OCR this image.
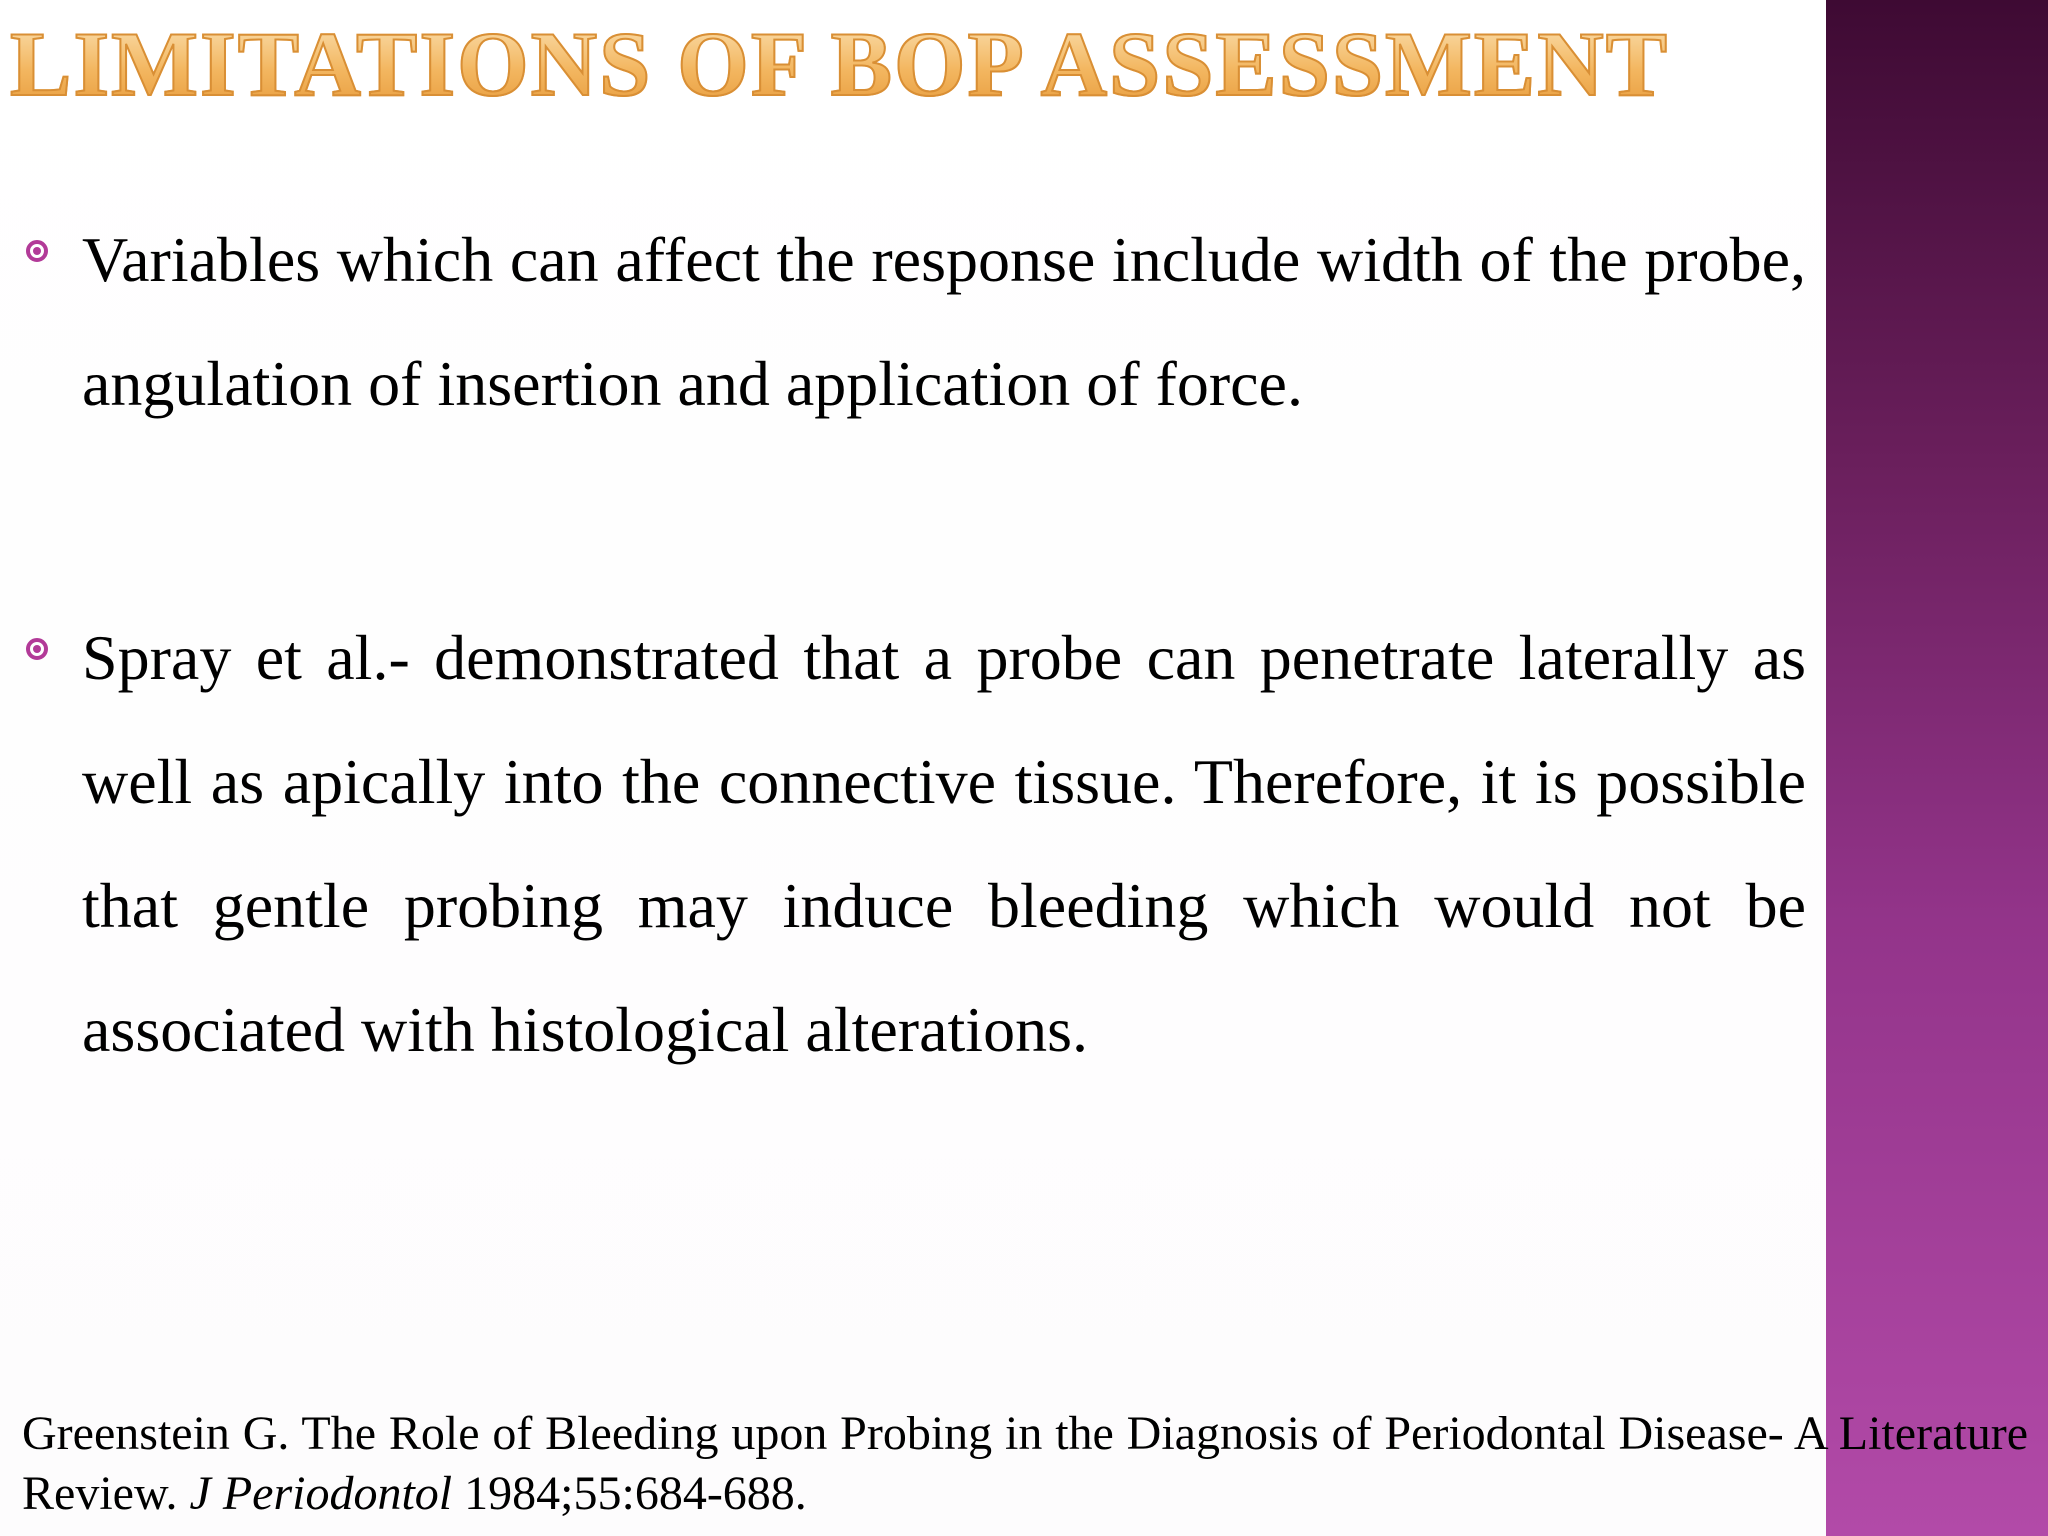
LIMITATIONS OF BOP ASSESSMENT

Variables which can affect the response include width of the probe, angulation of insertion and application of force.

Spray et al.- demonstrated that a probe can penetrate laterally as well as apically into the connective tissue. Therefore, it is possible that gentle probing may induce bleeding which would not be associated with histological alterations.

Greenstein G. The Role of Bleeding upon Probing in the Diagnosis of Periodontal Disease- A Literature Review. J Periodontol 1984;55:684-688.
